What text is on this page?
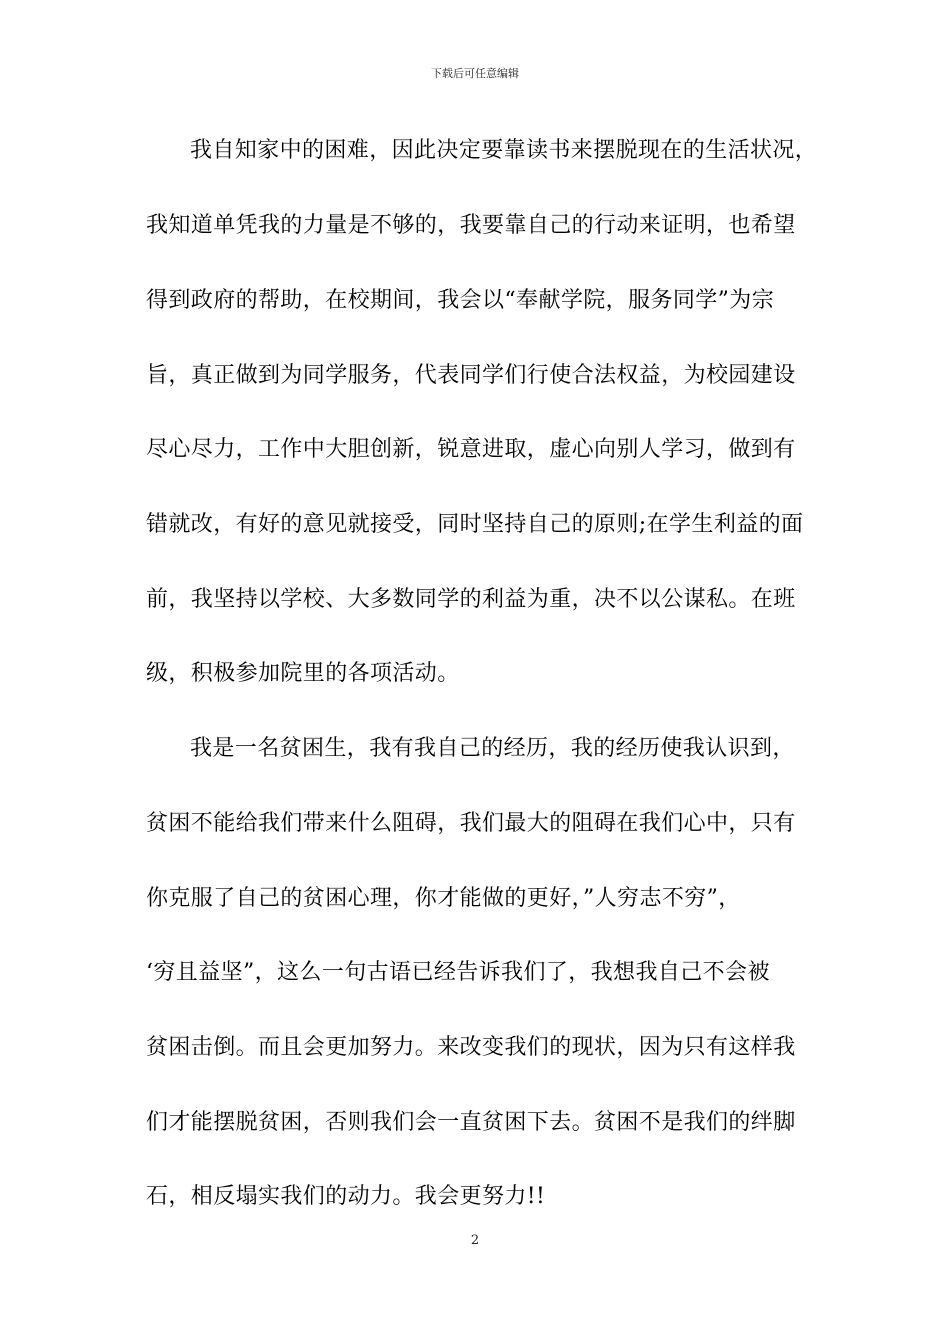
下载后可任意编辑
我自知家中的困难，因此决定要靠读书来摆脱现在的生活状况，
我知道单凭我的力量是不够的，我要靠自己的行动来证明，也希望
得到政府的帮助，在校期间，我会以“奉献学院，服务同学”为宗
旨，真正做到为同学服务，代表同学们行使合法权益，为校园建设
尽心尽力，工作中大胆创新，锐意进取，虚心向别人学习，做到有
错就改，有好的意见就接受，同时坚持自己的原则;在学生利益的面
前，我坚持以学校、大多数同学的利益为重，决不以公谋私。在班
级，积极参加院里的各项活动。
我是一名贫困生，我有我自己的经历，我的经历使我认识到，
贫困不能给我们带来什么阻碍，我们最大的阻碍在我们心中，只有
你克服了自己的贫困心理，你才能做的更好，”人穷志不穷”，
‘穷且益坚”，这么一句古语已经告诉我们了，我想我自己不会被
贫困击倒。而且会更加努力。来改变我们的现状，因为只有这样我
们才能摆脱贫困，否则我们会一直贫困下去。贫困不是我们的绊脚
石，相反塌实我们的动力。我会更努力!!
2
